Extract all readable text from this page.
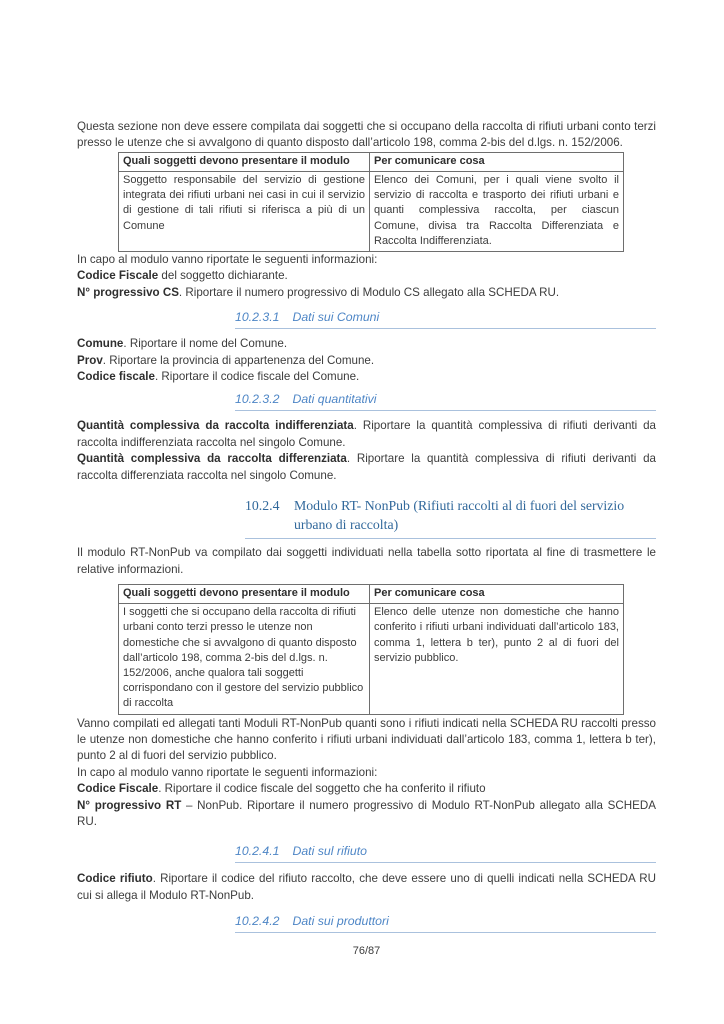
Questa sezione non deve essere compilata dai soggetti che si occupano della raccolta di rifiuti urbani conto terzi presso le utenze che si avvalgono di quanto disposto dall’articolo 198, comma 2-bis del d.lgs. n. 152/2006.

Quali soggetti devono presentare il modulo	Per comunicare cosa
Soggetto responsabile del servizio di gestione integrata dei rifiuti urbani nei casi in cui il servizio di gestione di tali rifiuti si riferisca a più di un Comune	Elenco dei Comuni, per i quali viene svolto il servizio di raccolta e trasporto dei rifiuti urbani e quanti complessiva raccolta, per ciascun Comune, divisa tra Raccolta Differenziata e Raccolta Indifferenziata.

In capo al modulo vanno riportate le seguenti informazioni:

Codice Fiscale del soggetto dichiarante.

N° progressivo CS. Riportare il numero progressivo di Modulo CS allegato alla SCHEDA RU.

10.2.3.1 Dati sui Comuni

Comune. Riportare il nome del Comune.

Prov. Riportare la provincia di appartenenza del Comune.

Codice fiscale. Riportare il codice fiscale del Comune.

10.2.3.2 Dati quantitativi

Quantità complessiva da raccolta indifferenziata. Riportare la quantità complessiva di rifiuti derivanti da raccolta indifferenziata raccolta nel singolo Comune.

Quantità complessiva da raccolta differenziata. Riportare la quantità complessiva di rifiuti derivanti da raccolta differenziata raccolta nel singolo Comune.

10.2.4	Modulo RT- NonPub (Rifiuti raccolti al di fuori del servizio urbano di raccolta)

Il modulo RT-NonPub va compilato dai soggetti individuati nella tabella sotto riportata al fine di trasmettere le relative informazioni.

Quali soggetti devono presentare il modulo	Per comunicare cosa
I soggetti che si occupano della raccolta di rifiuti urbani conto terzi presso le utenze non domestiche che si avvalgono di quanto disposto dall’articolo 198, comma 2-bis del d.lgs. n. 152/2006, anche qualora tali soggetti corrispondano con il gestore del servizio pubblico di raccolta	Elenco delle utenze non domestiche che hanno conferito i rifiuti urbani individuati dall’articolo 183, comma 1, lettera b ter), punto 2 al di fuori del servizio pubblico.

Vanno compilati ed allegati tanti Moduli RT-NonPub quanti sono i rifiuti indicati nella SCHEDA RU raccolti presso le utenze non domestiche che hanno conferito i rifiuti urbani individuati dall’articolo 183, comma 1, lettera b ter), punto 2 al di fuori del servizio pubblico.

In capo al modulo vanno riportate le seguenti informazioni:

Codice Fiscale. Riportare il codice fiscale del soggetto che ha conferito il rifiuto

N° progressivo RT – NonPub. Riportare il numero progressivo di Modulo RT-NonPub allegato alla SCHEDA RU.

10.2.4.1 Dati sul rifiuto

Codice rifiuto. Riportare il codice del rifiuto raccolto, che deve essere uno di quelli indicati nella SCHEDA RU cui si allega il Modulo RT-NonPub.

10.2.4.2 Dati sui produttori
76/87
